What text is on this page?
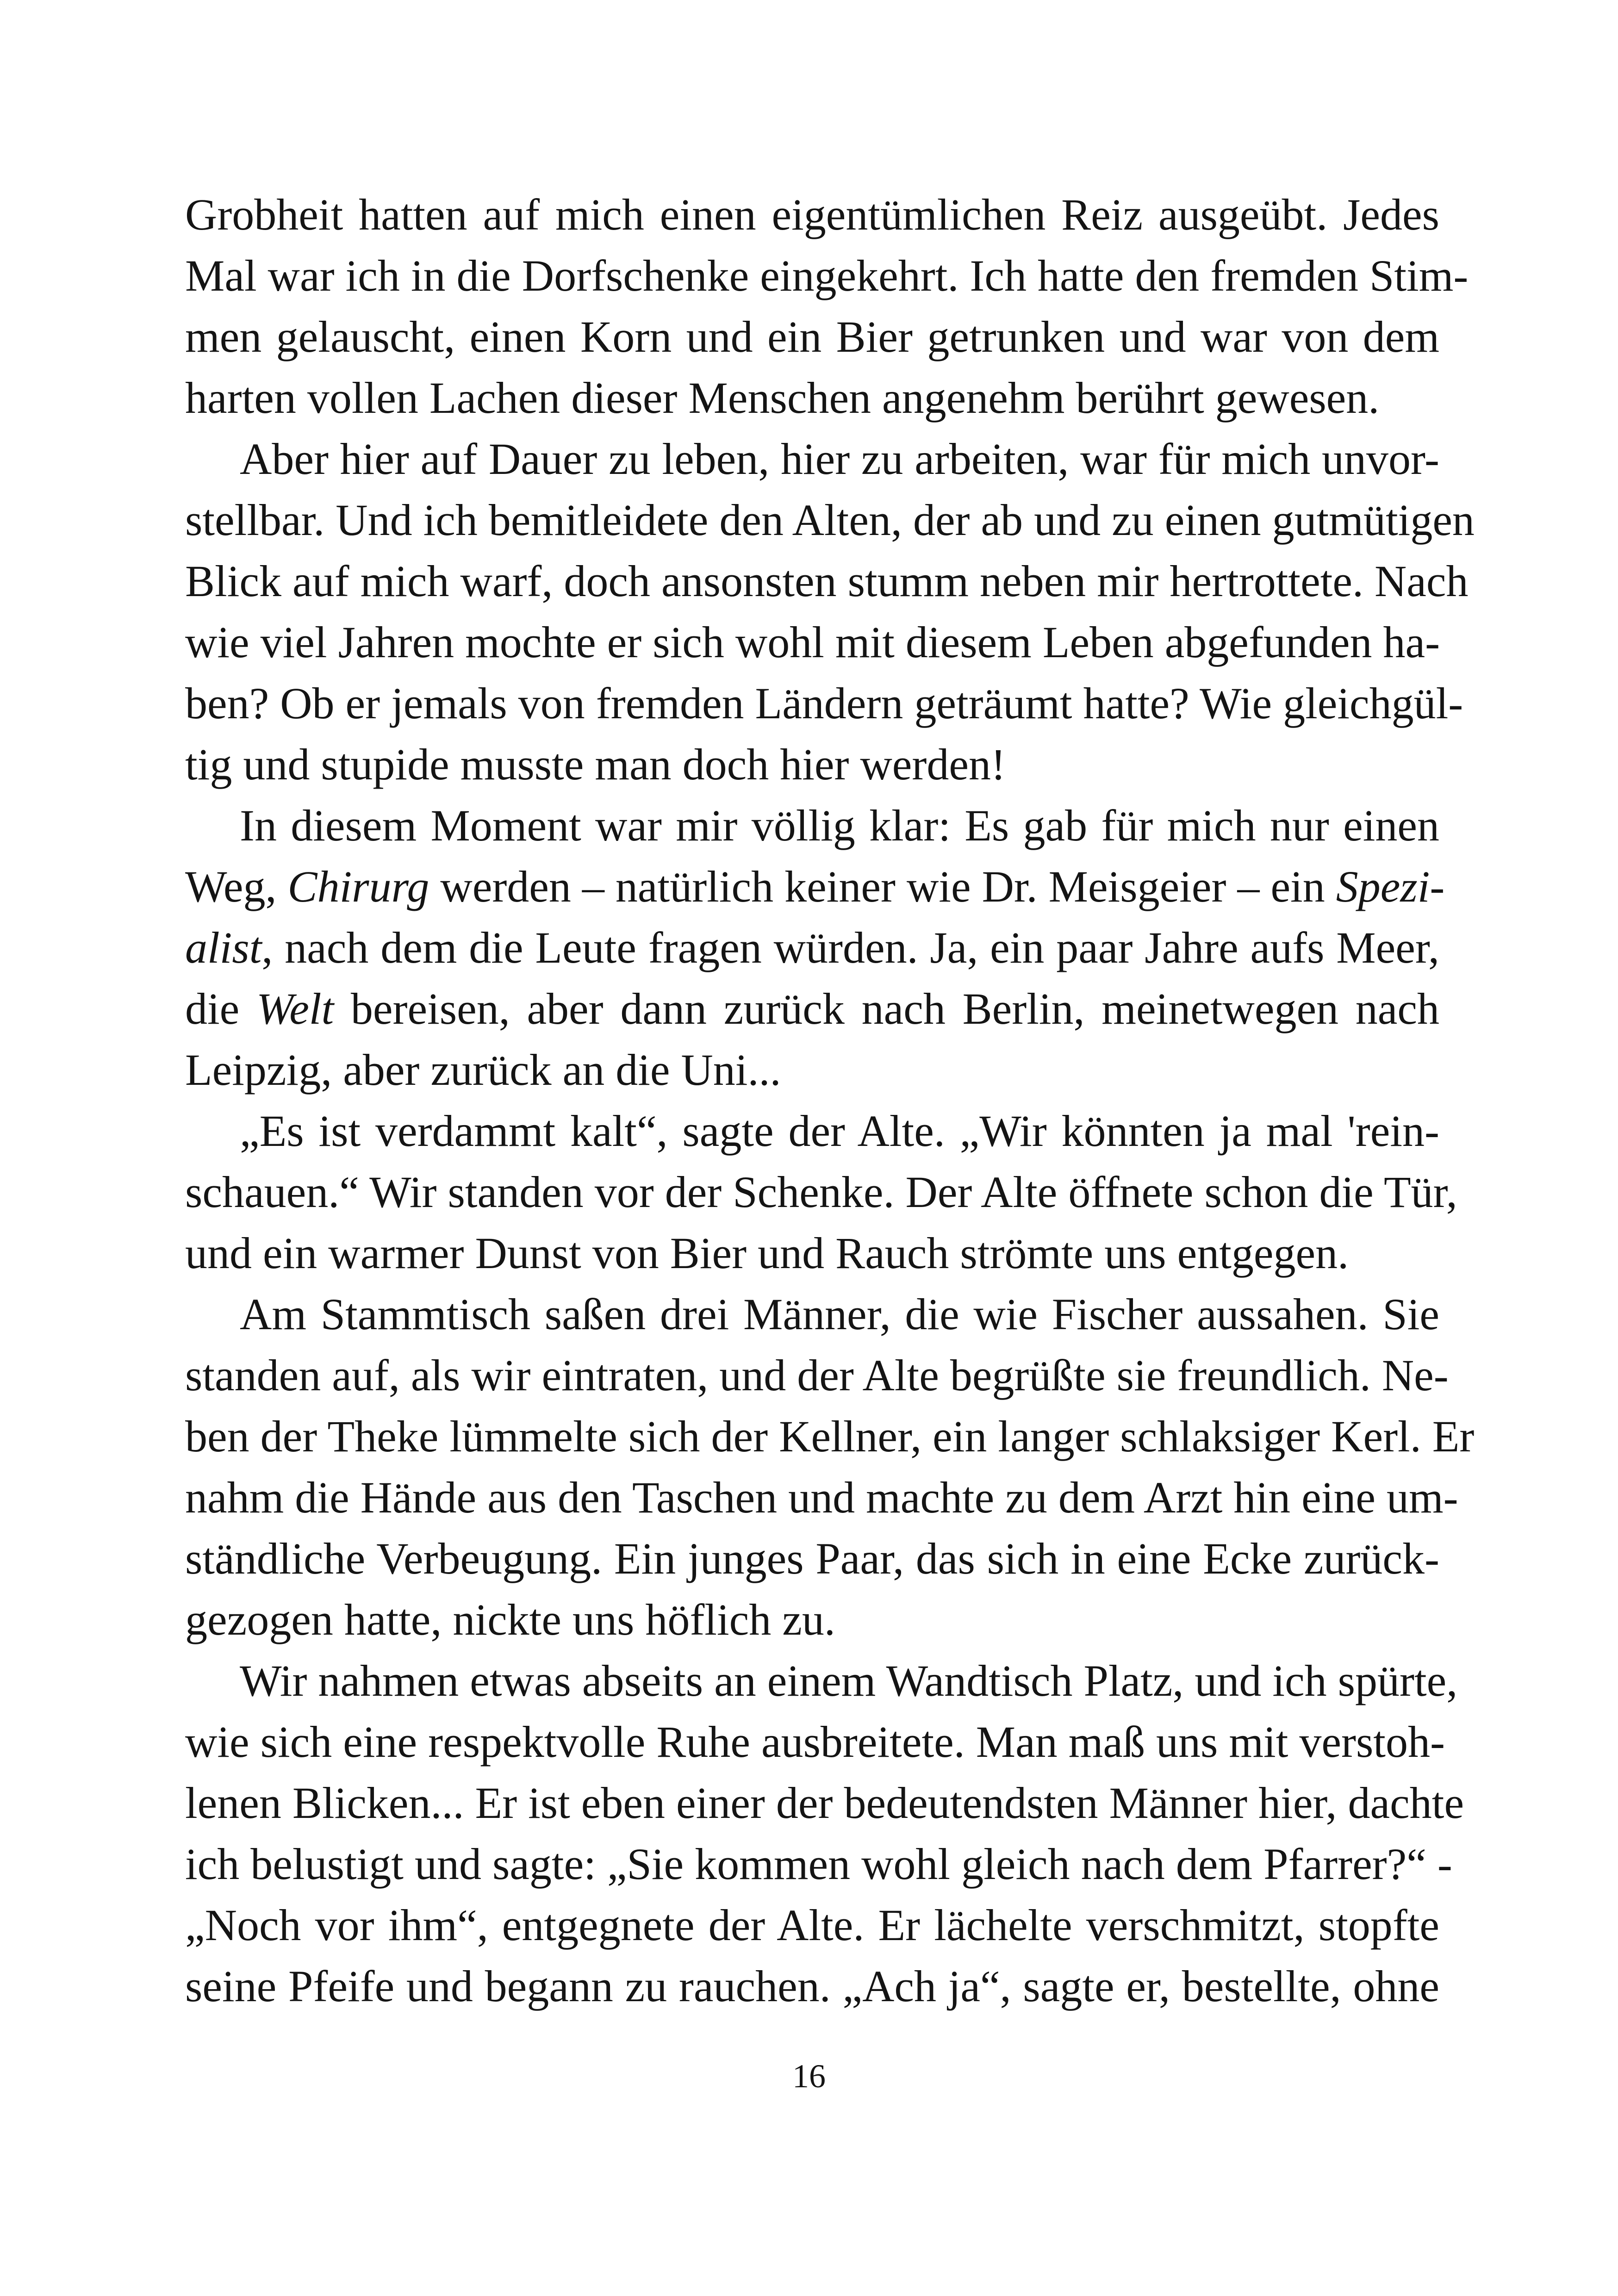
Grobheit hatten auf mich einen eigentümlichen Reiz ausgeübt. Jedes
Mal war ich in die Dorfschenke eingekehrt. Ich hatte den fremden Stim-
men gelauscht, einen Korn und ein Bier getrunken und war von dem
harten vollen Lachen dieser Menschen angenehm berührt gewesen.
Aber hier auf Dauer zu leben, hier zu arbeiten, war für mich unvor-
stellbar. Und ich bemitleidete den Alten, der ab und zu einen gutmütigen
Blick auf mich warf, doch ansonsten stumm neben mir hertrottete. Nach
wie viel Jahren mochte er sich wohl mit diesem Leben abgefunden ha-
ben? Ob er jemals von fremden Ländern geträumt hatte? Wie gleichgül-
tig und stupide musste man doch hier werden!
In diesem Moment war mir völlig klar: Es gab für mich nur einen
Weg, Chirurg werden – natürlich keiner wie Dr. Meisgeier – ein Spezi-
alist, nach dem die Leute fragen würden. Ja, ein paar Jahre aufs Meer,
die Welt bereisen, aber dann zurück nach Berlin, meinetwegen nach
Leipzig, aber zurück an die Uni...
„Es ist verdammt kalt“, sagte der Alte. „Wir könnten ja mal 'rein-
schauen.“ Wir standen vor der Schenke. Der Alte öffnete schon die Tür,
und ein warmer Dunst von Bier und Rauch strömte uns entgegen.
Am Stammtisch saßen drei Männer, die wie Fischer aussahen. Sie
standen auf, als wir eintraten, und der Alte begrüßte sie freundlich. Ne-
ben der Theke lümmelte sich der Kellner, ein langer schlaksiger Kerl. Er
nahm die Hände aus den Taschen und machte zu dem Arzt hin eine um-
ständliche Verbeugung. Ein junges Paar, das sich in eine Ecke zurück-
gezogen hatte, nickte uns höflich zu.
Wir nahmen etwas abseits an einem Wandtisch Platz, und ich spürte,
wie sich eine respektvolle Ruhe ausbreitete. Man maß uns mit verstoh-
lenen Blicken... Er ist eben einer der bedeutendsten Männer hier, dachte
ich belustigt und sagte: „Sie kommen wohl gleich nach dem Pfarrer?“ -
„Noch vor ihm“, entgegnete der Alte. Er lächelte verschmitzt, stopfte
seine Pfeife und begann zu rauchen. „Ach ja“, sagte er, bestellte, ohne
16
